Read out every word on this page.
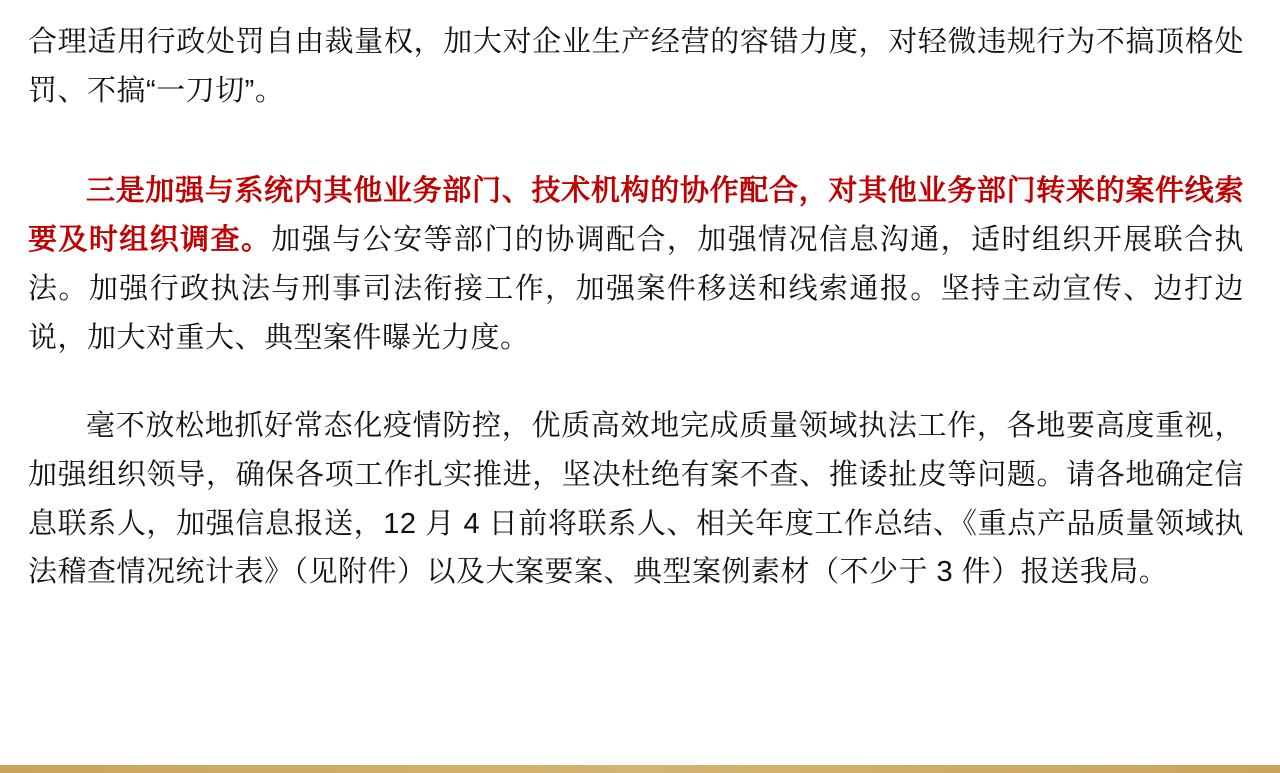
合理适用行政处罚自由裁量权，加大对企业生产经营的容错力度，对轻微违规行为不搞顶格处罚、不搞“一刀切”。

三是加强与系统内其他业务部门、技术机构的协作配合，对其他业务部门转来的案件线索要及时组织调查。加强与公安等部门的协调配合，加强情况信息沟通，适时组织开展联合执法。加强行政执法与刑事司法衔接工作，加强案件移送和线索通报。坚持主动宣传、边打边说，加大对重大、典型案件曝光力度。

毫不放松地抓好常态化疫情防控，优质高效地完成质量领域执法工作，各地要高度重视，加强组织领导，确保各项工作扎实推进，坚决杜绝有案不查、推诿扯皮等问题。请各地确定信息联系人，加强信息报送，12 月 4 日前将联系人、相关年度工作总结、《重点产品质量领域执法稽查情况统计表》（见附件）以及大案要案、典型案例素材（不少于 3 件）报送我局。
